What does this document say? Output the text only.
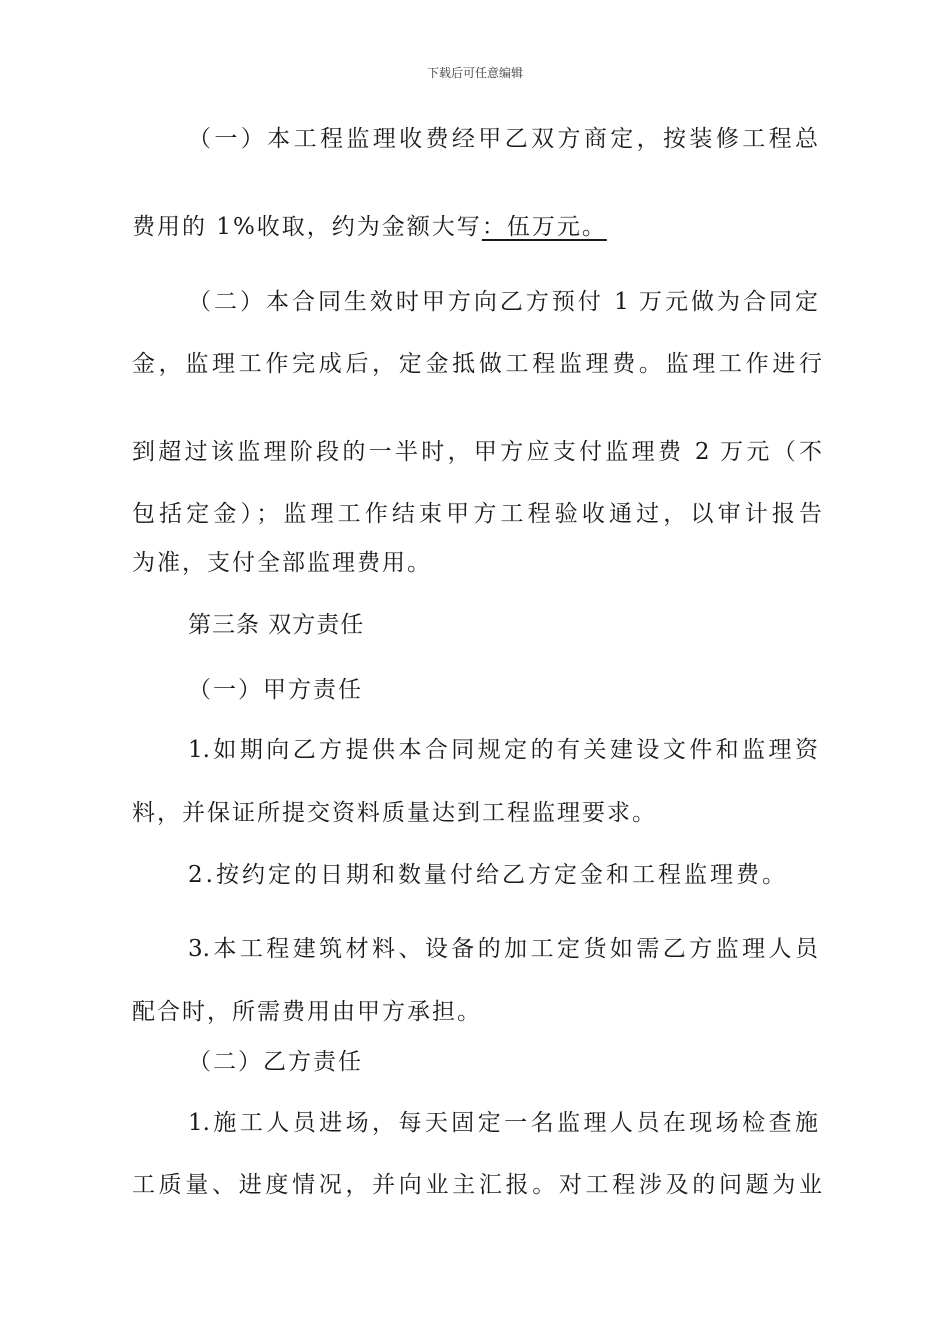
下载后可任意编辑
（一）本工程监理收费经甲乙双方商定，按装修工程总
费用的 1%收取，约为金额大写：伍万元。
（二）本合同生效时甲方向乙方预付 1 万元做为合同定
金，监理工作完成后，定金抵做工程监理费。监理工作进行
到超过该监理阶段的一半时，甲方应支付监理费 2 万元（不
包括定金）；监理工作结束甲方工程验收通过，以审计报告
为准，支付全部监理费用。
第三条 双方责任
（一）甲方责任
1.如期向乙方提供本合同规定的有关建设文件和监理资
料，并保证所提交资料质量达到工程监理要求。
2.按约定的日期和数量付给乙方定金和工程监理费。
3.本工程建筑材料、设备的加工定货如需乙方监理人员
配合时，所需费用由甲方承担。
（二）乙方责任
1.施工人员进场，每天固定一名监理人员在现场检查施
工质量、进度情况，并向业主汇报。对工程涉及的问题为业
